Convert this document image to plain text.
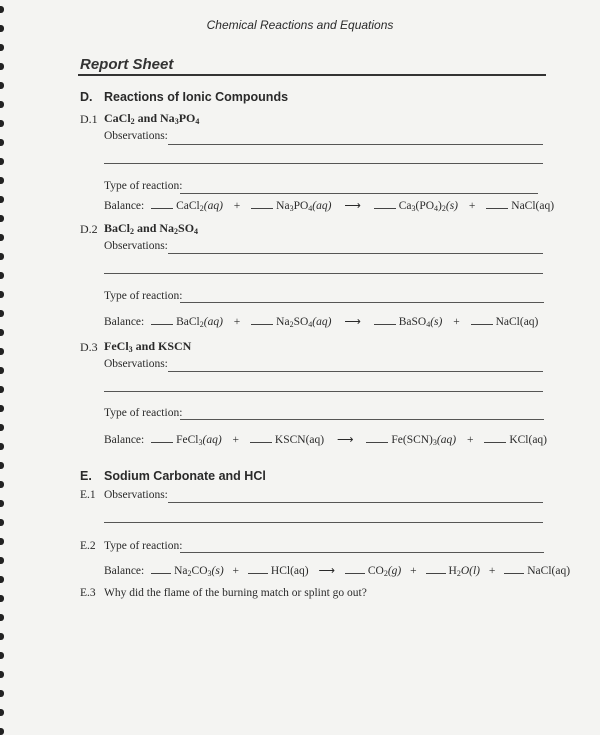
Chemical Reactions and Equations
Report Sheet
D. Reactions of Ionic Compounds
D.1 CaCl$_2$ and $Na_3PO_4$
Observations:
Type of reaction:
Balance:	CaCl$_2$(aq) +	$Na_3PO_4(aq)$ ⟶	$Ca_3(PO_4)_2(s)$ +	NaCl(aq)
D.2 BaCl$_2$ and $Na_2SO_4$
Observations:
Type of reaction:
Balance:	BaCl$_2$(aq) +	$Na_2SO_4(aq)$ ⟶	BaSO$_4$(s) +	NaCl(aq)
D.3 FeCl$_3$ and KSCN
Observations:
Type of reaction:
Balance:	FeCl$_3$(aq) +	KSCN(aq) ⟶	$Fe(SCN)_3(aq)$ +	KCl(aq)
E. Sodium Carbonate and HCl
E.1 Observations:
E.2 Type of reaction:
Balance:	$Na_2CO_3(s)$ +	HCl(aq) ⟶	$CO_2(g)$ +	$H_2O(l)$ +	NaCl(aq)
E.3 Why did the flame of the burning match or splint go out?
